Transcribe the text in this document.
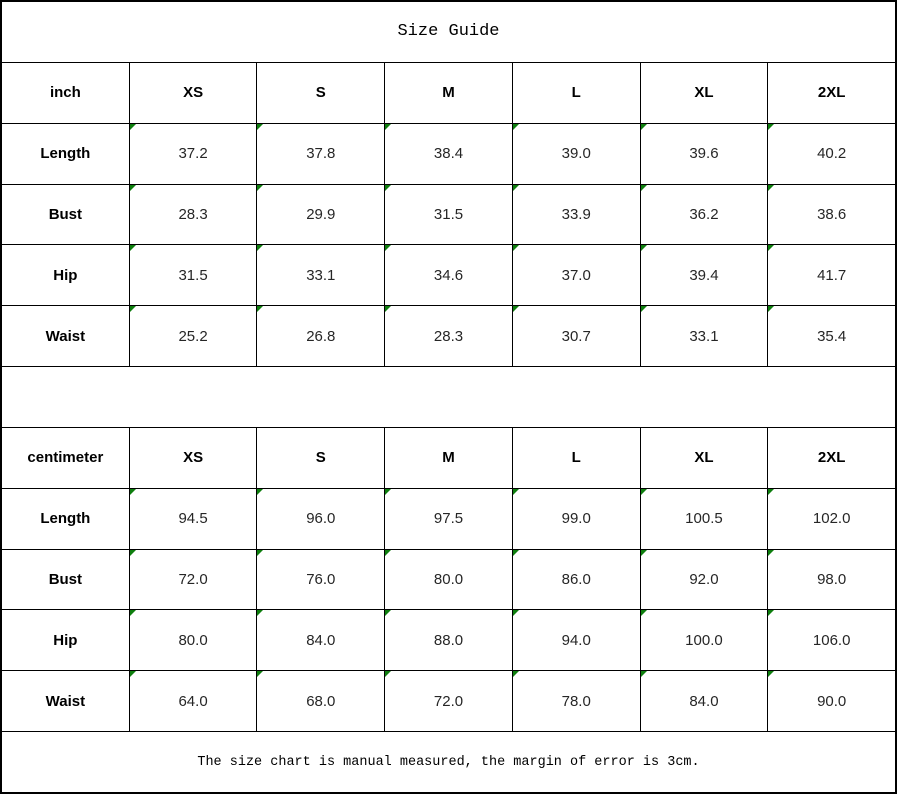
Size Guide
inch	XS	S	M	L	XL	2XL
Length	37.2	37.8	38.4	39.0	39.6	40.2
Bust	28.3	29.9	31.5	33.9	36.2	38.6
Hip	31.5	33.1	34.6	37.0	39.4	41.7
Waist	25.2	26.8	28.3	30.7	33.1	35.4
centimeter	XS	S	M	L	XL	2XL
Length	94.5	96.0	97.5	99.0	100.5	102.0
Bust	72.0	76.0	80.0	86.0	92.0	98.0
Hip	80.0	84.0	88.0	94.0	100.0	106.0
Waist	64.0	68.0	72.0	78.0	84.0	90.0
The size chart is manual measured, the margin of error is 3cm.
